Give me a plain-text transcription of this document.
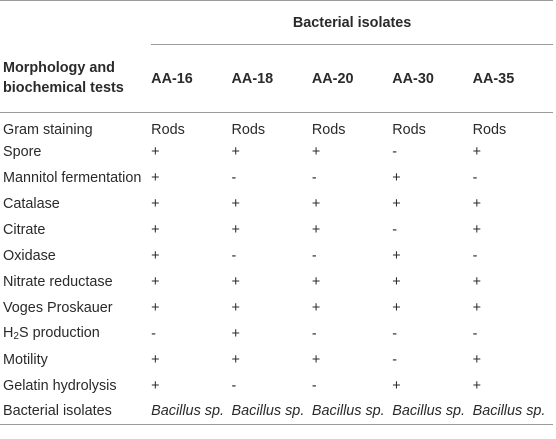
	Bacterial isolates				

Morphology and
biochemical tests	AA-16	AA-18	AA-20	AA-30	AA-35
Gram staining	Rods	Rods	Rods	Rods	Rods
Spore	+	+	+	-	+
Mannitol fermentation	+	-	-	+	-
Catalase	+	+	+	+	+
Citrate	+	+	+	-	+
Oxidase	+	-	-	+	-
Nitrate reductase	+	+	+	+	+
Voges Proskauer	+	+	+	+	+
$H_2S$ production	-	+	-	-	-
Motility	+	+	+	-	+
Gelatin hydrolysis	+	-	-	+	+
Bacterial isolates	Bacillus sp.	Bacillus sp.	Bacillus sp.	Bacillus sp.	Bacillus sp.
